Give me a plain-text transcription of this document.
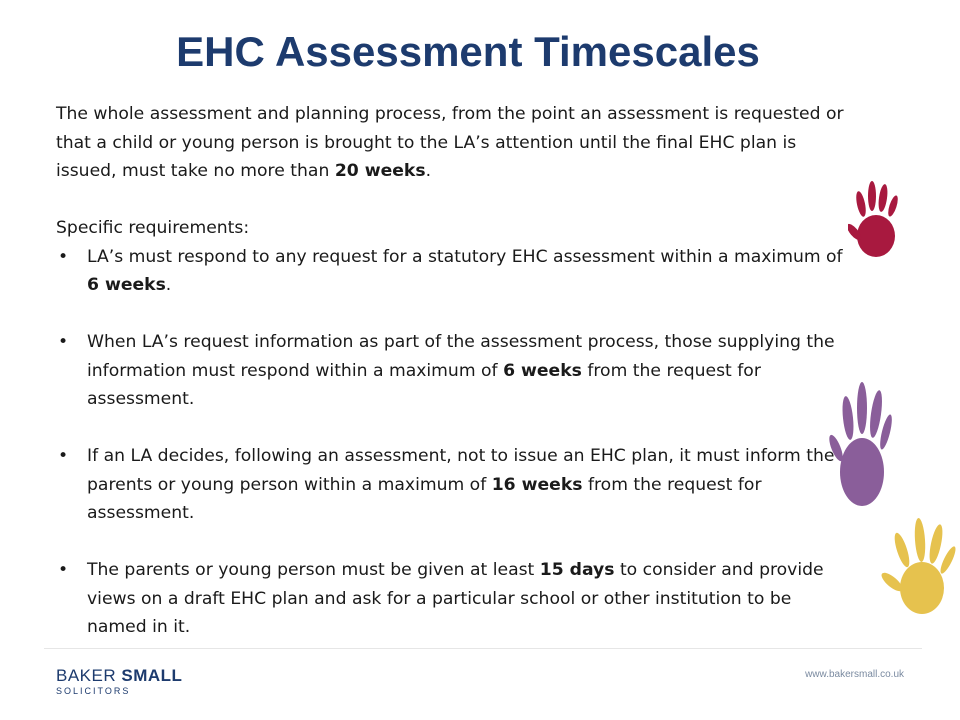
EHC Assessment Timescales

The whole assessment and planning process, from the point an assessment is requested or that a child or young person is brought to the LA’s attention until the final EHC plan is issued, must take no more than 20 weeks.

Specific requirements:

• LA’s must respond to any request for a statutory EHC assessment within a maximum of 6 weeks.
• When LA’s request information as part of the assessment process, those supplying the information must respond within a maximum of 6 weeks from the request for assessment.
• If an LA decides, following an assessment, not to issue an EHC plan, it must inform the parents or young person within a maximum of 16 weeks from the request for assessment.
• The parents or young person must be given at least 15 days to consider and provide views on a draft EHC plan and ask for a particular school or other institution to be named in it.
BAKER SMALL
SOLICITORS
www.bakersmall.co.uk
